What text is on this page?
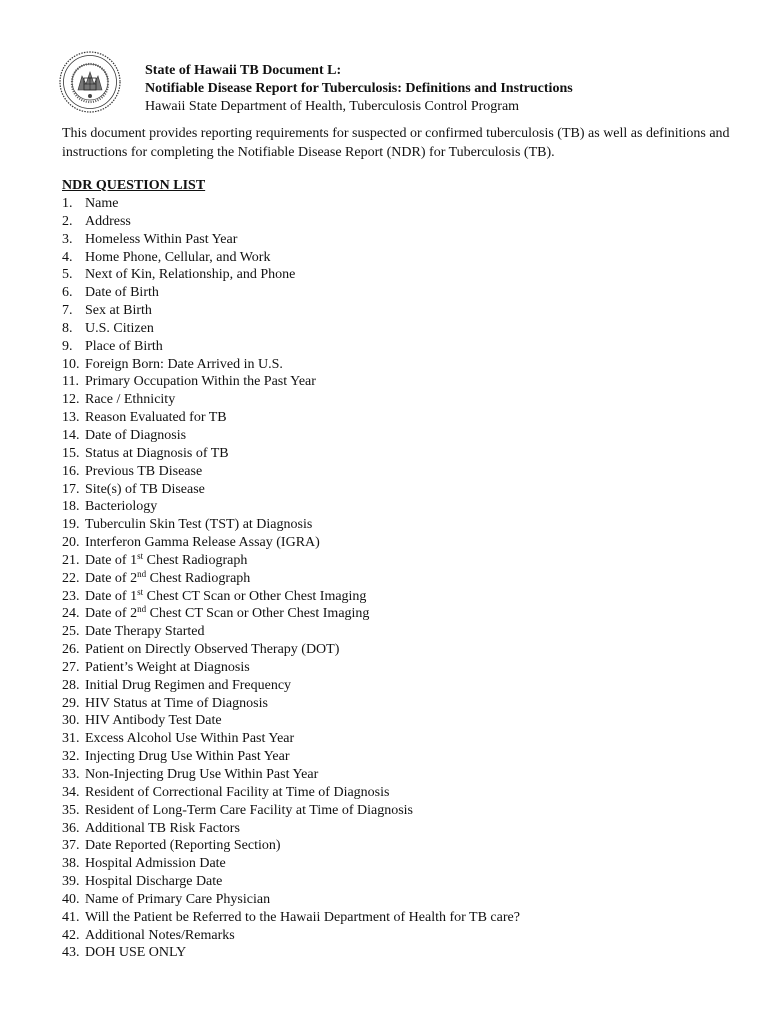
State of Hawaii TB Document L:
Notifiable Disease Report for Tuberculosis: Definitions and Instructions
Hawaii State Department of Health, Tuberculosis Control Program
This document provides reporting requirements for suspected or confirmed tuberculosis (TB) as well as definitions and instructions for completing the Notifiable Disease Report (NDR) for Tuberculosis (TB).
NDR QUESTION LIST
1. Name
2. Address
3. Homeless Within Past Year
4. Home Phone, Cellular, and Work
5. Next of Kin, Relationship, and Phone
6. Date of Birth
7. Sex at Birth
8. U.S. Citizen
9. Place of Birth
10. Foreign Born: Date Arrived in U.S.
11. Primary Occupation Within the Past Year
12. Race / Ethnicity
13. Reason Evaluated for TB
14. Date of Diagnosis
15. Status at Diagnosis of TB
16. Previous TB Disease
17. Site(s) of TB Disease
18. Bacteriology
19. Tuberculin Skin Test (TST) at Diagnosis
20. Interferon Gamma Release Assay (IGRA)
21. Date of 1st Chest Radiograph
22. Date of 2nd Chest Radiograph
23. Date of 1st Chest CT Scan or Other Chest Imaging
24. Date of 2nd Chest CT Scan or Other Chest Imaging
25. Date Therapy Started
26. Patient on Directly Observed Therapy (DOT)
27. Patient’s Weight at Diagnosis
28. Initial Drug Regimen and Frequency
29. HIV Status at Time of Diagnosis
30. HIV Antibody Test Date
31. Excess Alcohol Use Within Past Year
32. Injecting Drug Use Within Past Year
33. Non-Injecting Drug Use Within Past Year
34. Resident of Correctional Facility at Time of Diagnosis
35. Resident of Long-Term Care Facility at Time of Diagnosis
36. Additional TB Risk Factors
37. Date Reported (Reporting Section)
38. Hospital Admission Date
39. Hospital Discharge Date
40. Name of Primary Care Physician
41. Will the Patient be Referred to the Hawaii Department of Health for TB care?
42. Additional Notes/Remarks
43. DOH USE ONLY
